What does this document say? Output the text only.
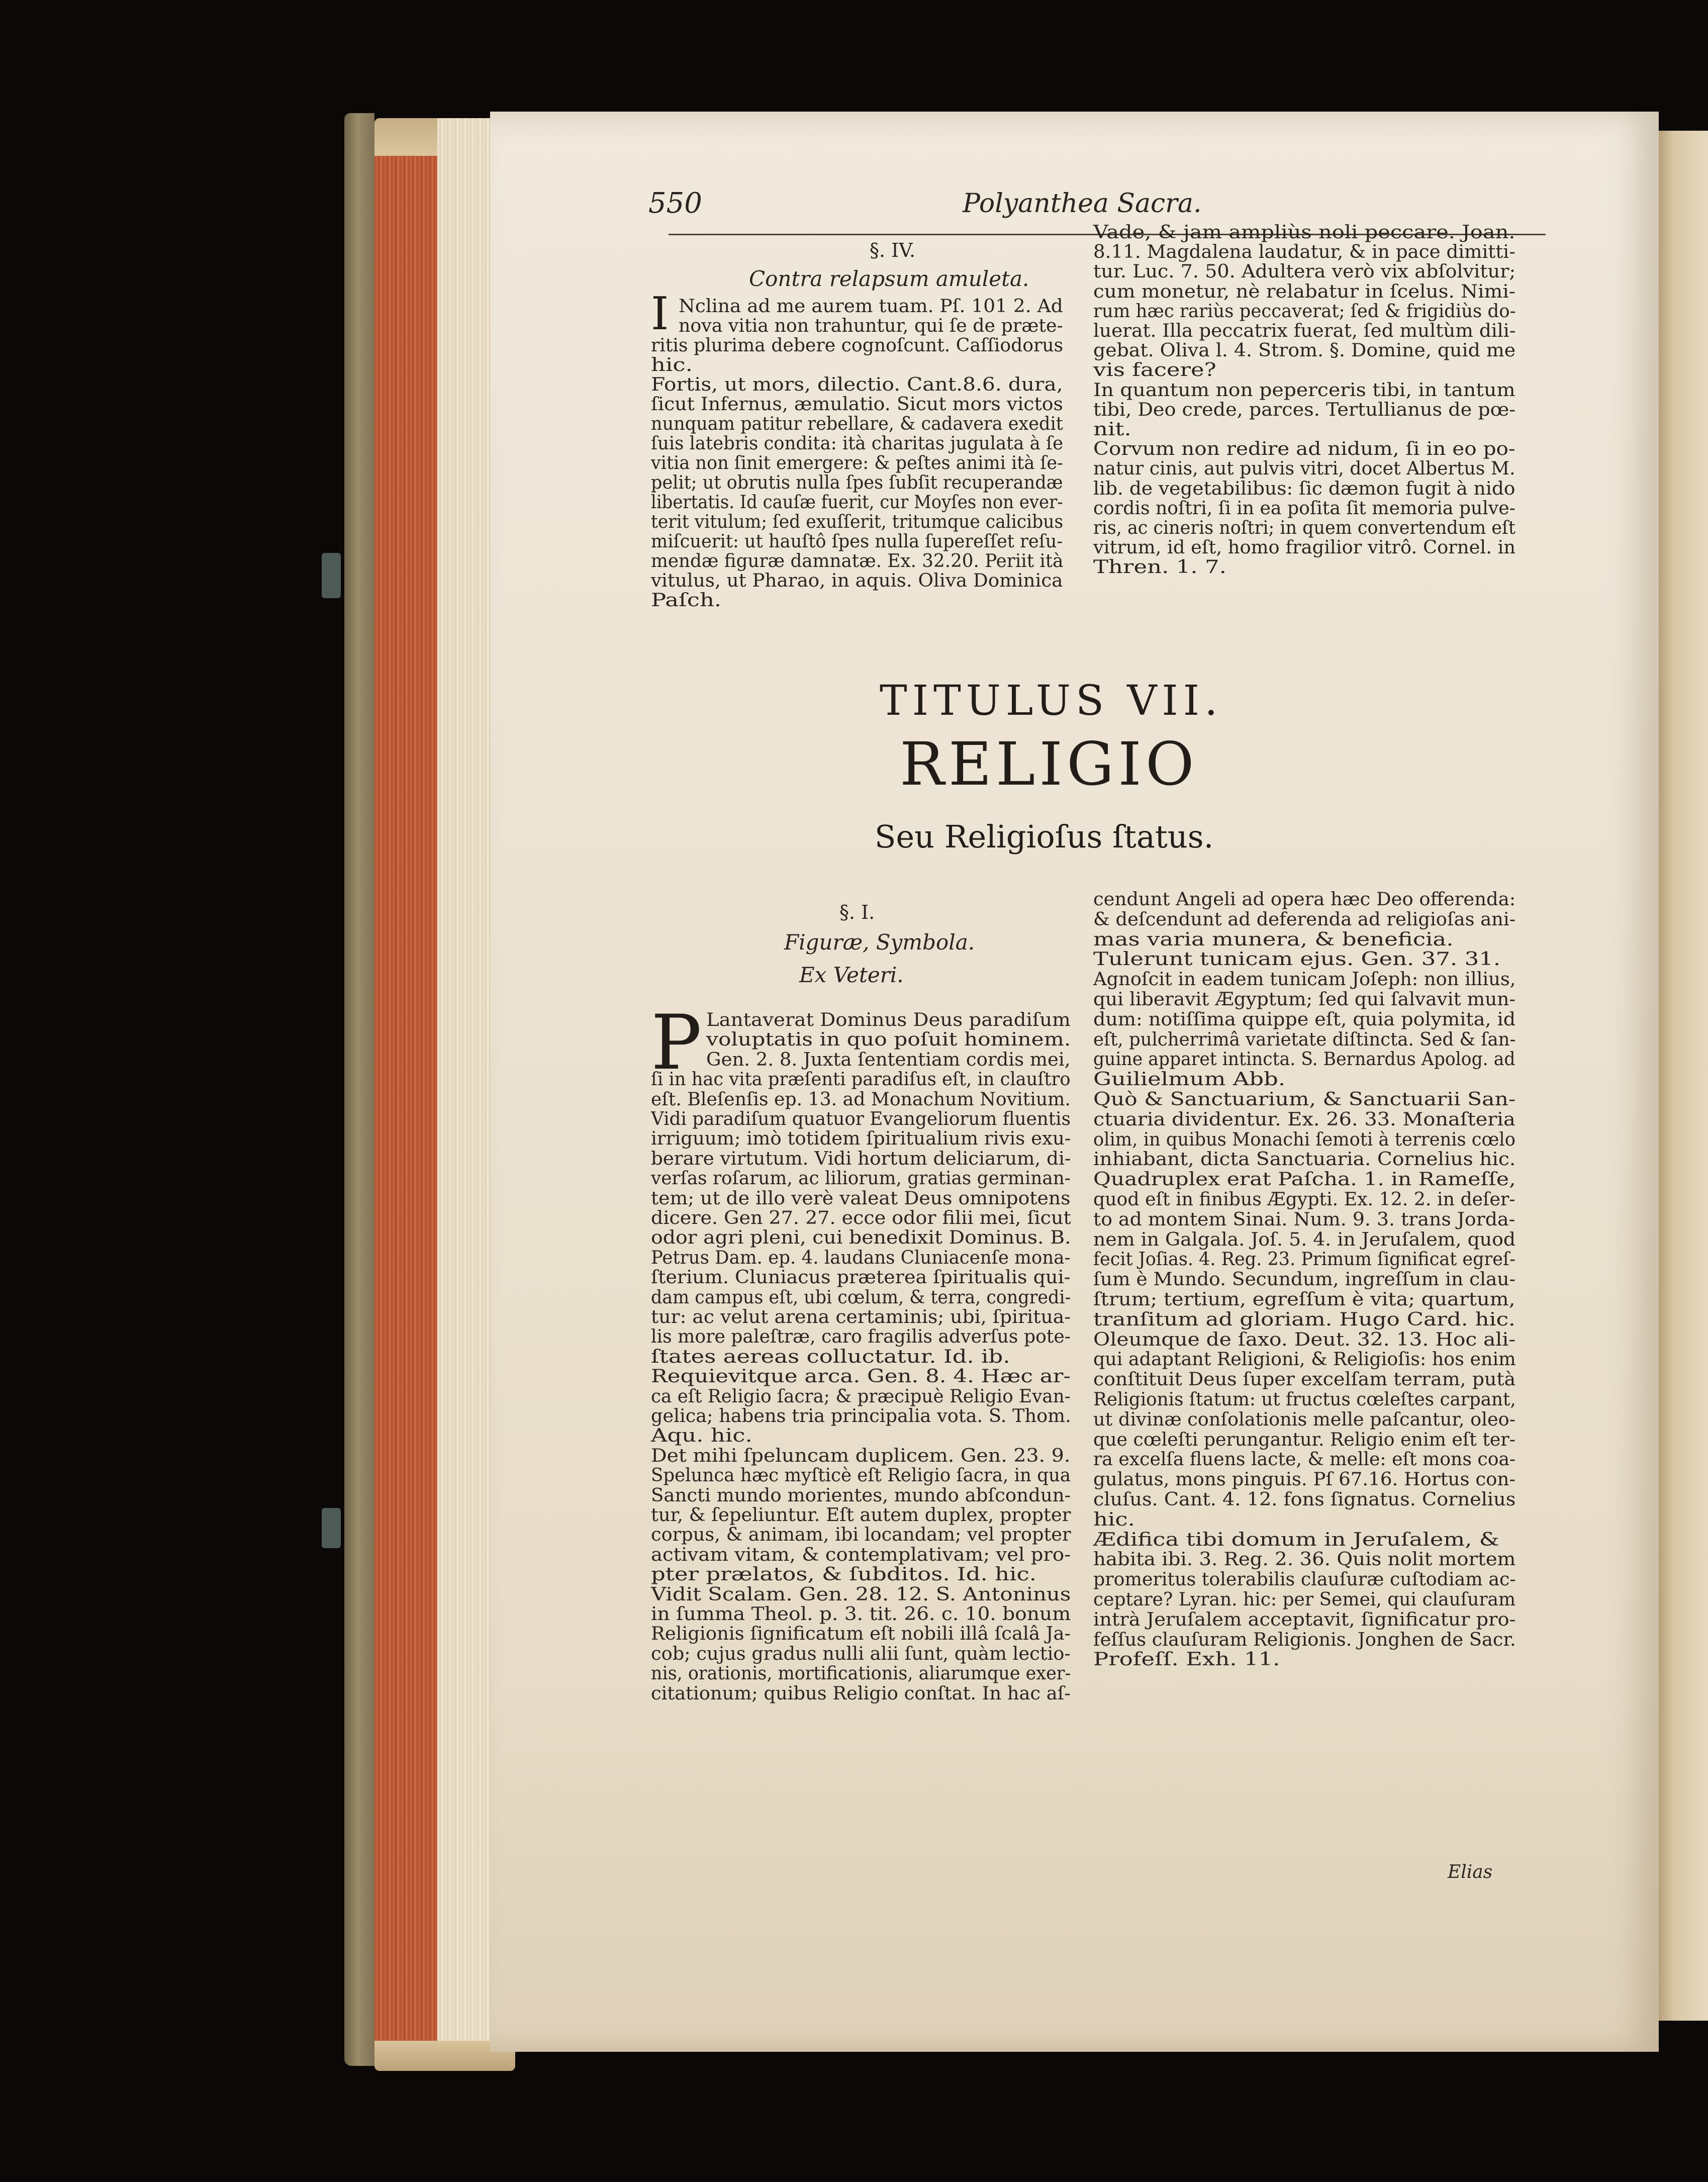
550	Polyanthea Sacra.
§. IV.
Contra relapsum amuleta.
I Nclina ad me aurem tuam. Pſ. 101 2. Ad
nova vitia non trahuntur, qui ſe de præte-
ritis plurima debere cognoſcunt. Caſſiodorus
hic.
Fortis, ut mors, dilectio. Cant.8.6. dura,
ſicut Infernus, æmulatio. Sicut mors victos
nunquam patitur rebellare, & cadavera exedit
ſuis latebris condita: ità charitas jugulata à ſe
vitia non ſinit emergere: & peſtes animi ità ſe-
pelit; ut obrutis nulla ſpes ſubſit recuperandæ
libertatis. Id cauſæ fuerit, cur Moyſes non ever-
terit vitulum; ſed exuſſerit, tritumque calicibus
miſcuerit: ut hauſtô ſpes nulla ſupereſſet reſu-
mendæ figuræ damnatæ. Ex. 32.20. Periit ità
vitulus, ut Pharao, in aquis. Oliva Dominica
Paſch.
Vade, & jam ampliùs noli peccare. Joan.
8.11. Magdalena laudatur, & in pace dimitti-
tur. Luc. 7. 50. Adultera verò vix abſolvitur;
cum monetur, nè relabatur in ſcelus. Nimi-
rum hæc rariùs peccaverat; ſed & frigidiùs do-
luerat. Illa peccatrix fuerat, ſed multùm dili-
gebat. Oliva l. 4. Strom. §. Domine, quid me
vis facere?
In quantum non peperceris tibi, in tantum
tibi, Deo crede, parces. Tertullianus de pœ-
nit.
Corvum non redire ad nidum, ſi in eo po-
natur cinis, aut pulvis vitri, docet Albertus M.
lib. de vegetabilibus: ſic dæmon fugit à nido
cordis noſtri, ſi in ea poſita ſit memoria pulve-
ris, ac cineris noſtri; in quem convertendum eſt
vitrum, id eſt, homo fragilior vitrô. Cornel. in
Thren. 1. 7.
TITULUS VII.
RELIGIO
Seu Religioſus ſtatus.
§. I.
Figuræ, Symbola.
Ex Veteri.
P Lantaverat Dominus Deus paradiſum
voluptatis in quo poſuit hominem.
Gen. 2. 8. Juxta ſententiam cordis mei,
ſi in hac vita præſenti paradiſus eſt, in clauſtro
eſt. Bleſenſis ep. 13. ad Monachum Novitium.
Vidi paradiſum quatuor Evangeliorum fluentis
irriguum; imò totidem ſpiritualium rivis exu-
berare virtutum. Vidi hortum deliciarum, di-
verſas roſarum, ac liliorum, gratias germinan-
tem; ut de illo verè valeat Deus omnipotens
dicere. Gen 27. 27. ecce odor filii mei, ſicut
odor agri pleni, cui benedixit Dominus. B.
Petrus Dam. ep. 4. laudans Cluniacenſe mona-
ſterium. Cluniacus præterea ſpiritualis qui-
dam campus eſt, ubi cœlum, & terra, congredi-
tur: ac velut arena certaminis; ubi, ſpiritua-
lis more paleſtræ, caro fragilis adverſus pote-
ſtates aereas colluctatur. Id. ib.
Requievitque arca. Gen. 8. 4. Hæc ar-
ca eſt Religio ſacra; & præcipuè Religio Evan-
gelica; habens tria principalia vota. S. Thom.
Aqu. hic.
Det mihi ſpeluncam duplicem. Gen. 23. 9.
Spelunca hæc myſticè eſt Religio ſacra, in qua
Sancti mundo morientes, mundo abſcondun-
tur, & ſepeliuntur. Eſt autem duplex, propter
corpus, & animam, ibi locandam; vel propter
activam vitam, & contemplativam; vel pro-
pter prælatos, & ſubditos. Id. hic.
Vidit Scalam. Gen. 28. 12. S. Antoninus
in ſumma Theol. p. 3. tit. 26. c. 10. bonum
Religionis ſignificatum eſt nobili illâ ſcalâ Ja-
cob; cujus gradus nulli alii ſunt, quàm lectio-
nis, orationis, mortificationis, aliarumque exer-
citationum; quibus Religio conſtat. In hac aſ-
cendunt Angeli ad opera hæc Deo offerenda:
& deſcendunt ad deferenda ad religioſas ani-
mas varia munera, & beneficia.
Tulerunt tunicam ejus. Gen. 37. 31.
Agnoſcit in eadem tunicam Joſeph: non illius,
qui liberavit Ægyptum; ſed qui ſalvavit mun-
dum: notiſſima quippe eſt, quia polymita, id
eſt, pulcherrimâ varietate diſtincta. Sed & ſan-
guine apparet intincta. S. Bernardus Apolog. ad
Guilielmum Abb.
Quò & Sanctuarium, & Sanctuarii San-
ctuaria dividentur. Ex. 26. 33. Monaſteria
olim, in quibus Monachi ſemoti à terrenis cœlo
inhiabant, dicta Sanctuaria. Cornelius hic.
Quadruplex erat Paſcha. 1. in Rameſſe,
quod eſt in finibus Ægypti. Ex. 12. 2. in deſer-
to ad montem Sinai. Num. 9. 3. trans Jorda-
nem in Galgala. Joſ. 5. 4. in Jeruſalem, quod
fecit Joſias. 4. Reg. 23. Primum ſignificat egreſ-
ſum è Mundo. Secundum, ingreſſum in clau-
ſtrum; tertium, egreſſum è vita; quartum,
tranſitum ad gloriam. Hugo Card. hic.
Oleumque de ſaxo. Deut. 32. 13. Hoc ali-
qui adaptant Religioni, & Religioſis: hos enim
conſtituit Deus ſuper excelſam terram, putà
Religionis ſtatum: ut fructus cœleſtes carpant,
ut divinæ conſolationis melle paſcantur, oleo-
que cœleſti perungantur. Religio enim eſt ter-
ra excelſa fluens lacte, & melle: eſt mons coa-
gulatus, mons pinguis. Pſ 67.16. Hortus con-
cluſus. Cant. 4. 12. fons ſignatus. Cornelius
hic.
Ædifica tibi domum in Jeruſalem, &
habita ibi. 3. Reg. 2. 36. Quis nolit mortem
promeritus tolerabilis clauſuræ cuſtodiam ac-
ceptare? Lyran. hic: per Semei, qui clauſuram
intrà Jeruſalem acceptavit, ſignificatur pro-
feſſus clauſuram Religionis. Jonghen de Sacr.
Profeſſ. Exh. 11.
Elias
